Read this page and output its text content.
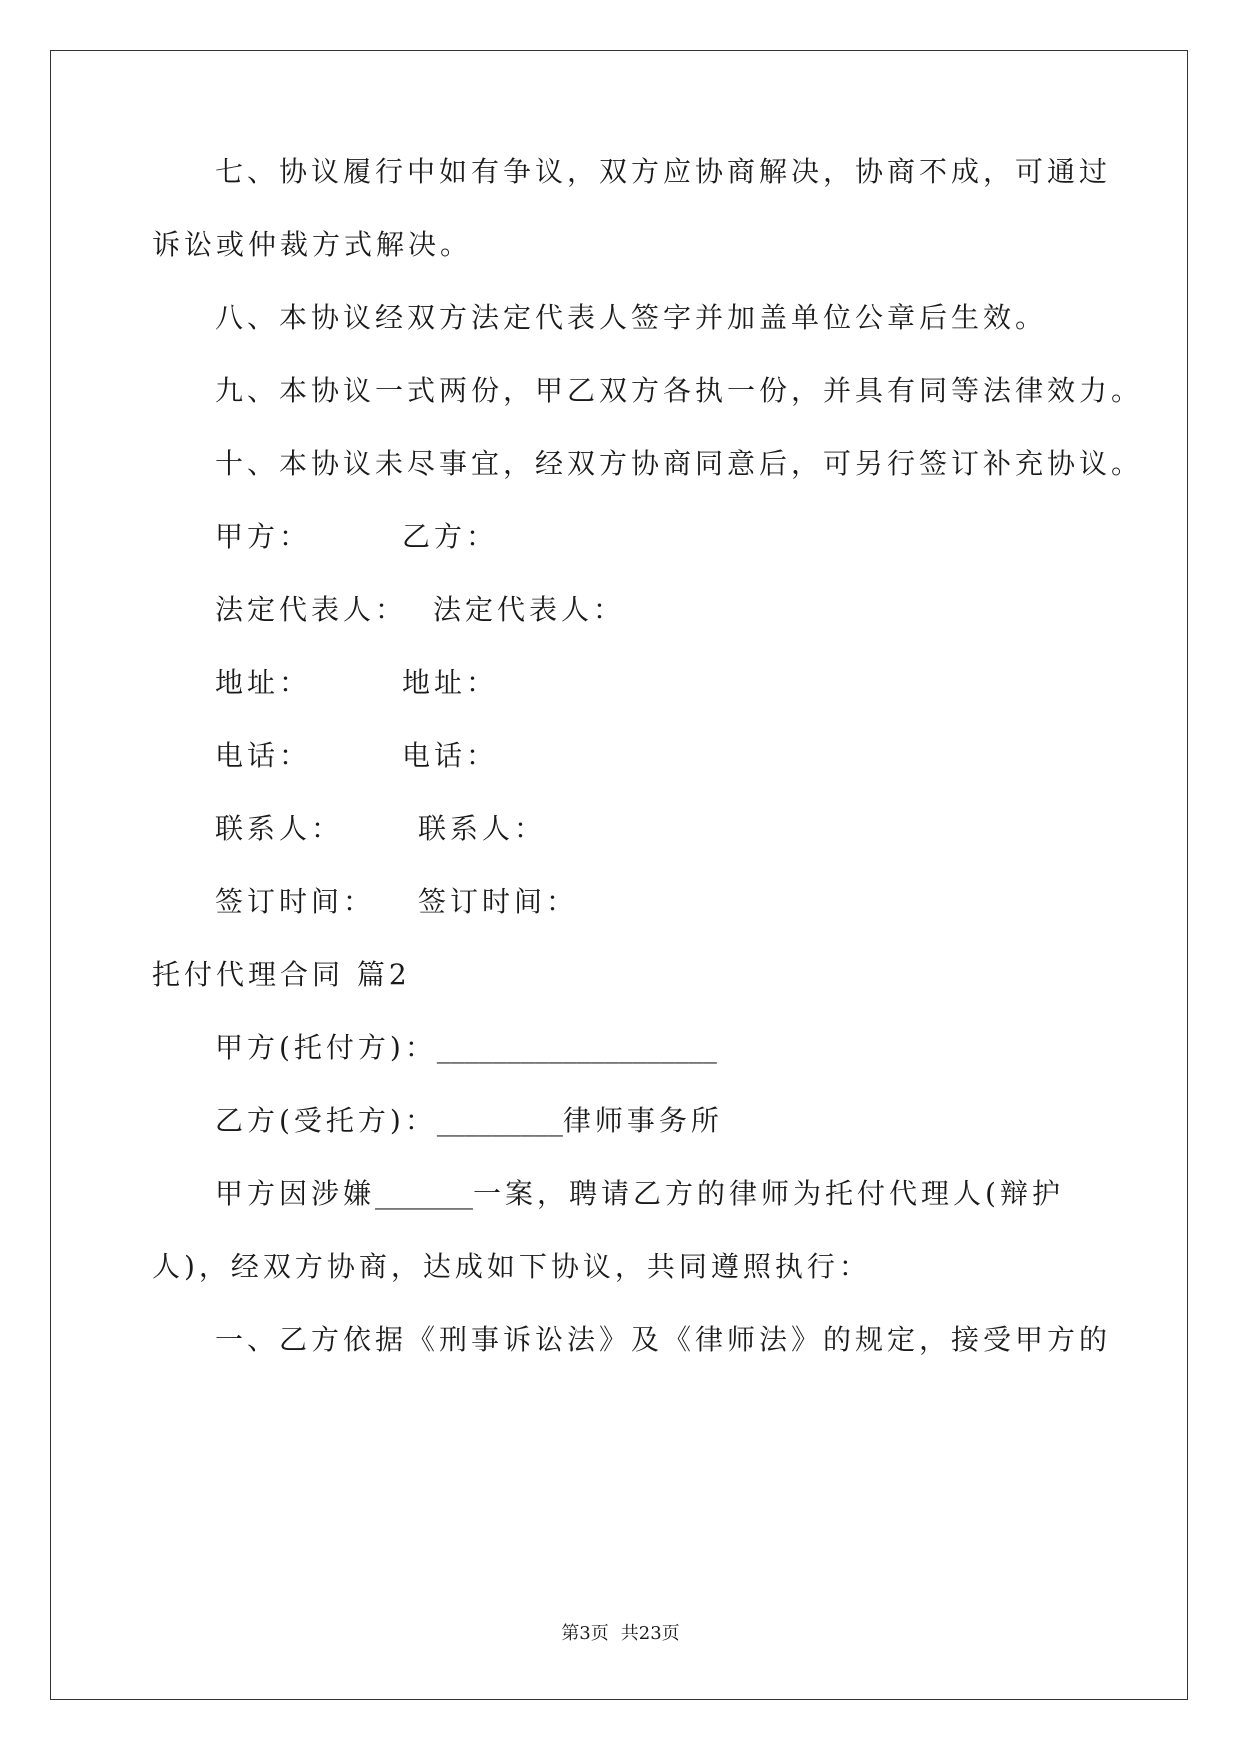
七、协议履行中如有争议，双方应协商解决，协商不成，可通过
诉讼或仲裁方式解决。
八、本协议经双方法定代表人签字并加盖单位公章后生效。
九、本协议一式两份，甲乙双方各执一份，并具有同等法律效力。
十、本协议未尽事宜，经双方协商同意后，可另行签订补充协议。
甲方：	乙方：
法定代表人： 法定代表人：
地址：	地址：
电话：	电话：
联系人：	联系人：
签订时间： 签订时间：
托付代理合同 篇2
甲方(托付方)：____________________
乙方(受托方)：_________律师事务所
甲方因涉嫌_______一案，聘请乙方的律师为托付代理人(辩护
人)，经双方协商，达成如下协议，共同遵照执行：
一、乙方依据《刑事诉讼法》及《律师法》的规定，接受甲方的
第3页 共23页
